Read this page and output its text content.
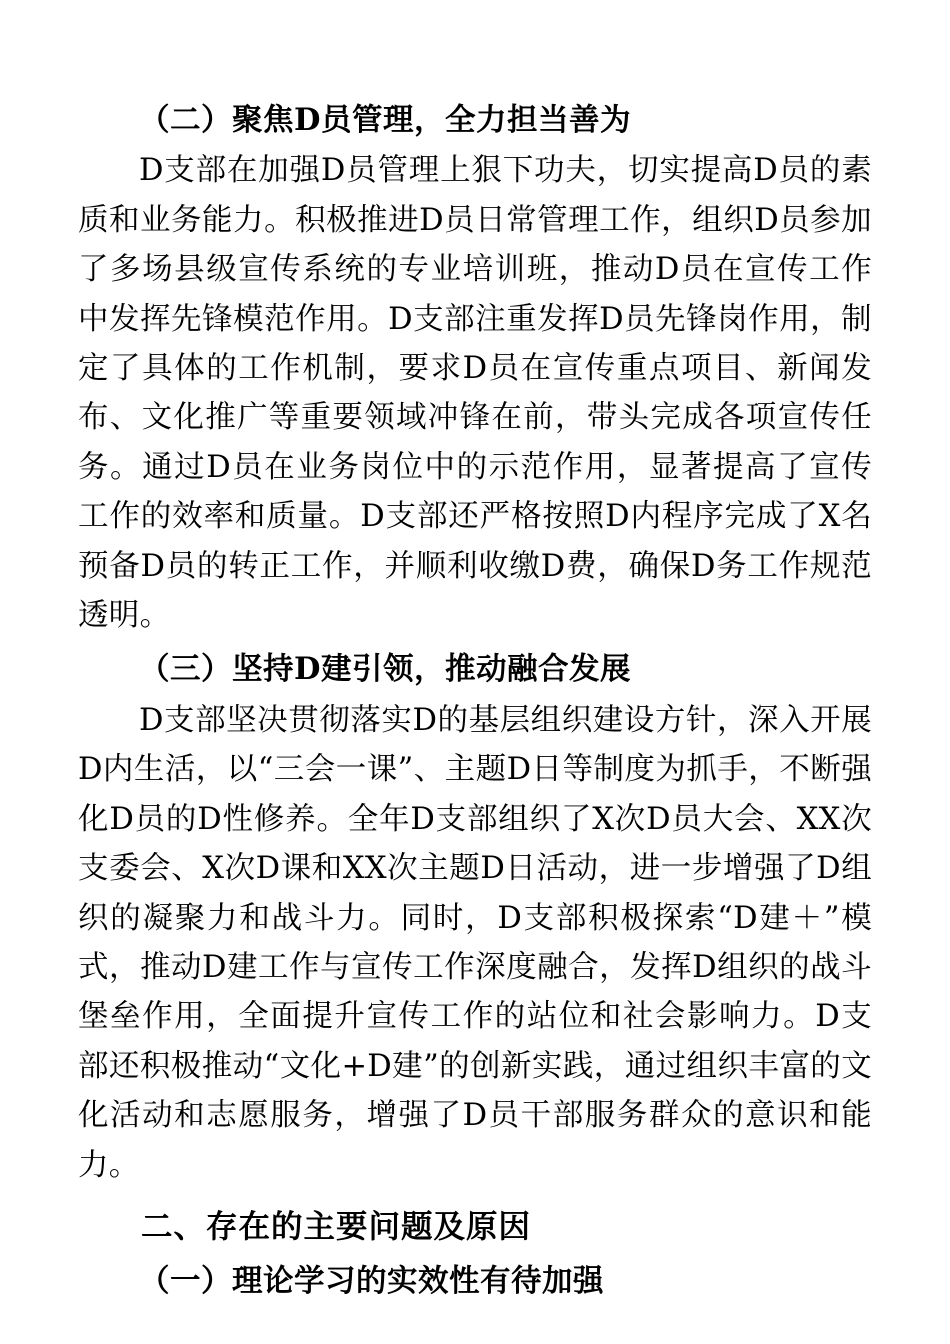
（二）聚焦D员管理，全力担当善为

D支部在加强D员管理上狠下功夫，切实提高D员的素质和业务能力。积极推进D员日常管理工作，组织D员参加了多场县级宣传系统的专业培训班，推动D员在宣传工作中发挥先锋模范作用。D支部注重发挥D员先锋岗作用，制定了具体的工作机制，要求D员在宣传重点项目、新闻发布、文化推广等重要领域冲锋在前，带头完成各项宣传任务。通过D员在业务岗位中的示范作用，显著提高了宣传工作的效率和质量。D支部还严格按照D内程序完成了X名预备D员的转正工作，并顺利收缴D费，确保D务工作规范透明。

（三）坚持D建引领，推动融合发展

D支部坚决贯彻落实D的基层组织建设方针，深入开展D内生活，以“三会一课”、主题D日等制度为抓手，不断强化D员的D性修养。全年D支部组织了X次D员大会、XX次支委会、X次D课和XX次主题D日活动，进一步增强了D组织的凝聚力和战斗力。同时，D支部积极探索“D建＋”模式，推动D建工作与宣传工作深度融合，发挥D组织的战斗堡垒作用，全面提升宣传工作的站位和社会影响力。D支部还积极推动“文化+D建”的创新实践，通过组织丰富的文化活动和志愿服务，增强了D员干部服务群众的意识和能力。

二、存在的主要问题及原因

（一）理论学习的实效性有待加强
